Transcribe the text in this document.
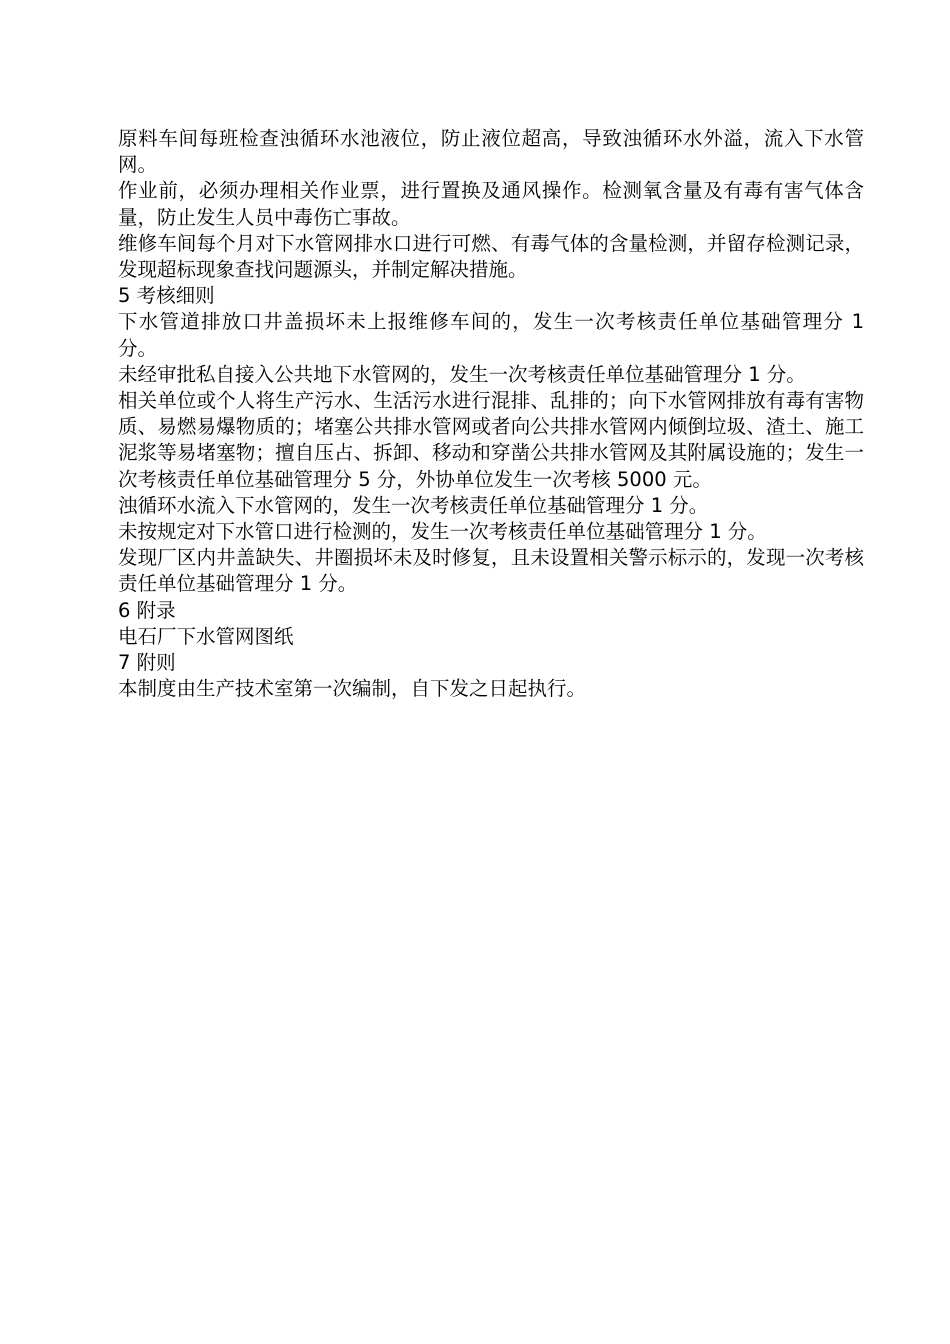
原料车间每班检查浊循环水池液位，防止液位超高，导致浊循环水外溢，流入下水管网。

作业前，必须办理相关作业票，进行置换及通风操作。检测氧含量及有毒有害气体含量，防止发生人员中毒伤亡事故。

维修车间每个月对下水管网排水口进行可燃、有毒气体的含量检测，并留存检测记录，发现超标现象查找问题源头，并制定解决措施。

5 考核细则

下水管道排放口井盖损坏未上报维修车间的，发生一次考核责任单位基础管理分 1 分。

未经审批私自接入公共地下水管网的，发生一次考核责任单位基础管理分 1 分。

相关单位或个人将生产污水、生活污水进行混排、乱排的；向下水管网排放有毒有害物质、易燃易爆物质的；堵塞公共排水管网或者向公共排水管网内倾倒垃圾、渣土、施工泥浆等易堵塞物；擅自压占、拆卸、移动和穿凿公共排水管网及其附属设施的；发生一次考核责任单位基础管理分 5 分，外协单位发生一次考核 5000 元。

浊循环水流入下水管网的，发生一次考核责任单位基础管理分 1 分。

未按规定对下水管口进行检测的，发生一次考核责任单位基础管理分 1 分。

发现厂区内井盖缺失、井圈损坏未及时修复，且未设置相关警示标示的，发现一次考核责任单位基础管理分 1 分。

6 附录

电石厂下水管网图纸

7 附则

本制度由生产技术室第一次编制，自下发之日起执行。
